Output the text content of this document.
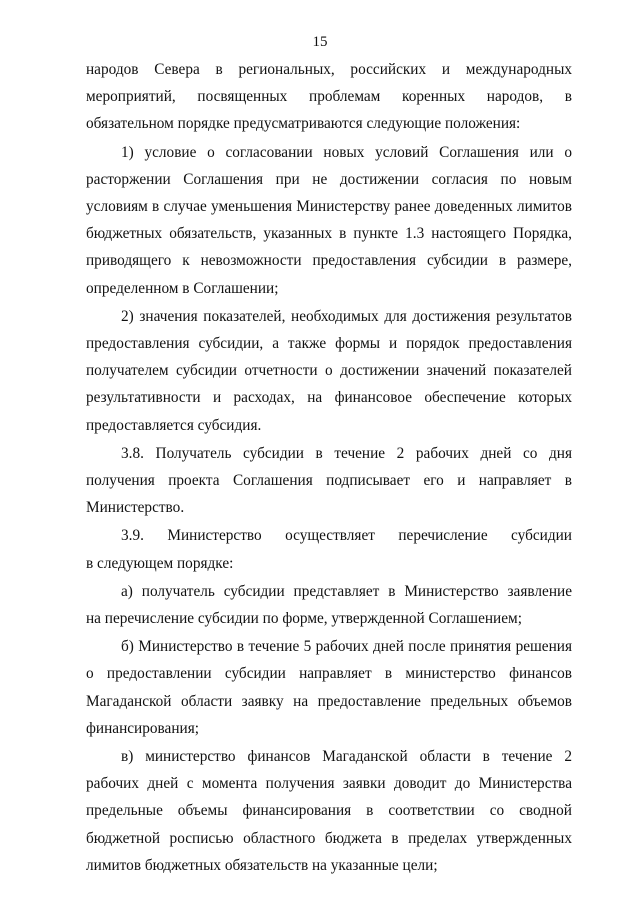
15
народов Севера в региональных, российских и международных
мероприятий, посвященных проблемам коренных народов, в
обязательном порядке предусматриваются следующие положения:
1) условие о согласовании новых условий Соглашения или о
расторжении Соглашения при не достижении согласия по новым
условиям в случае уменьшения Министерству ранее доведенных лимитов
бюджетных обязательств, указанных в пункте 1.3 настоящего Порядка,
приводящего к невозможности предоставления субсидии в размере,
определенном в Соглашении;
2) значения показателей, необходимых для достижения результатов
предоставления субсидии, а также формы и порядок предоставления
получателем субсидии отчетности о достижении значений показателей
результативности и расходах, на финансовое обеспечение которых
предоставляется субсидия.
3.8. Получатель субсидии в течение 2 рабочих дней со дня
получения проекта Соглашения подписывает его и направляет в
Министерство.
3.9. Министерство осуществляет перечисление субсидии
в следующем порядке:
а) получатель субсидии представляет в Министерство заявление
на перечисление субсидии по форме, утвержденной Соглашением;
б) Министерство в течение 5 рабочих дней после принятия решения
о предоставлении субсидии направляет в министерство финансов
Магаданской области заявку на предоставление предельных объемов
финансирования;
в) министерство финансов Магаданской области в течение 2
рабочих дней с момента получения заявки доводит до Министерства
предельные объемы финансирования в соответствии со сводной
бюджетной росписью областного бюджета в пределах утвержденных
лимитов бюджетных обязательств на указанные цели;
